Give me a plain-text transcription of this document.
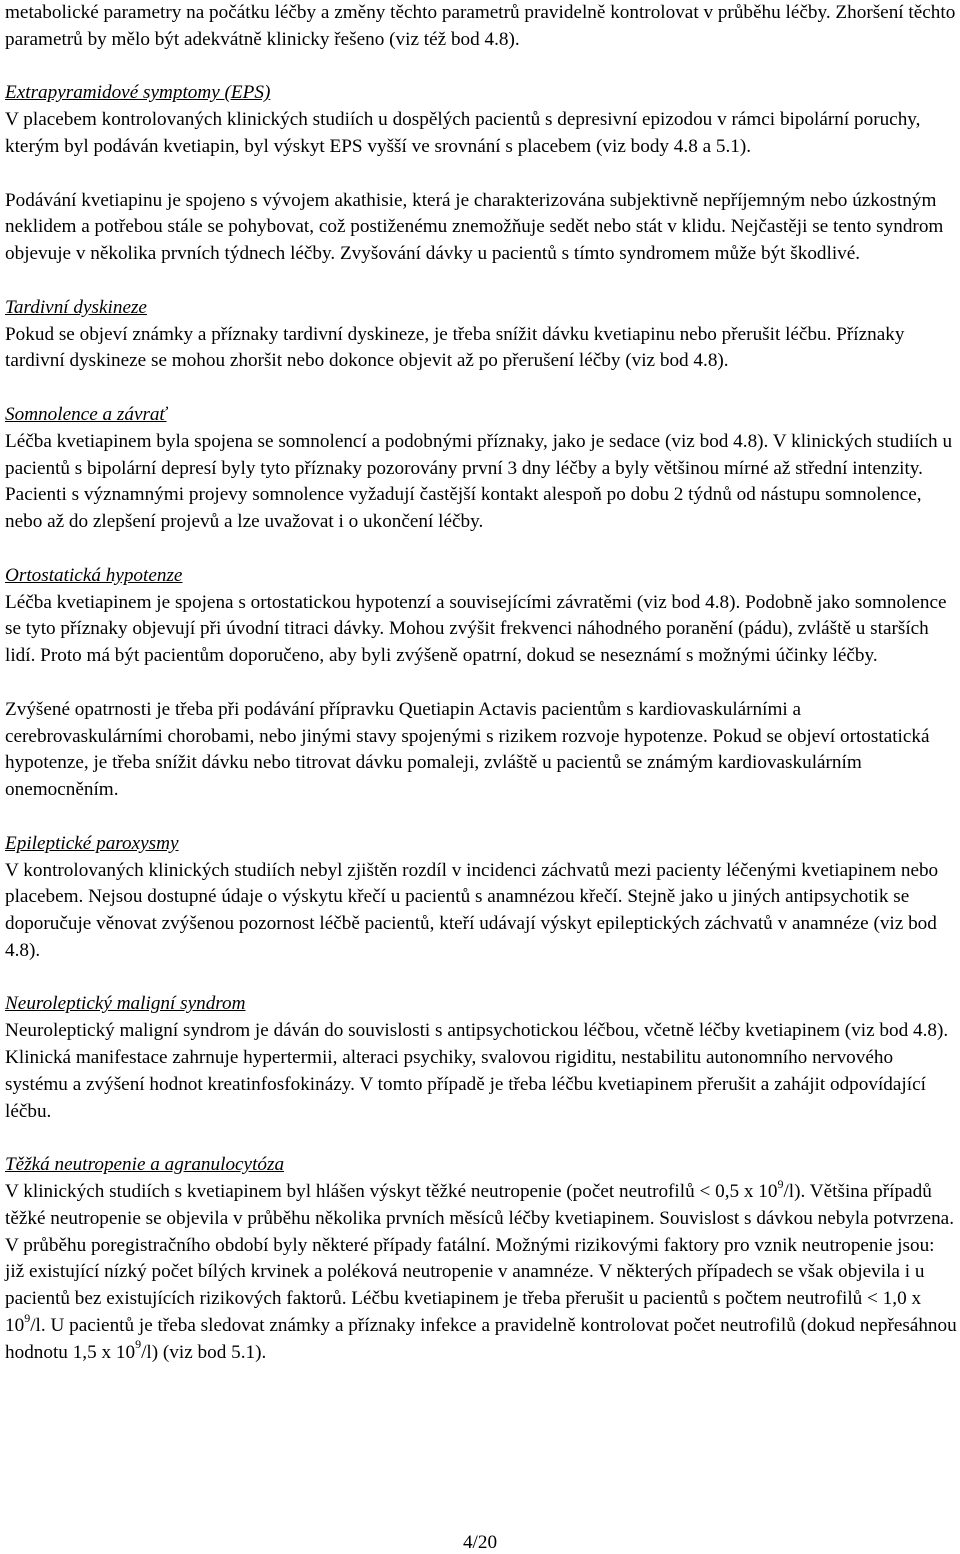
metabolické parametry na počátku léčby a změny těchto parametrů pravidelně kontrolovat v průběhu léčby. Zhoršení těchto parametrů by mělo být adekvátně klinicky řešeno (viz též bod 4.8).

Extrapyramidové symptomy (EPS)

V placebem kontrolovaných klinických studiích u dospělých pacientů s depresivní epizodou v rámci bipolární poruchy, kterým byl podáván kvetiapin, byl výskyt EPS vyšší ve srovnání s placebem (viz body 4.8 a 5.1).

Podávání kvetiapinu je spojeno s vývojem akathisie, která je charakterizována subjektivně nepříjemným nebo úzkostným neklidem a potřebou stále se pohybovat, což postiženému znemožňuje sedět nebo stát v klidu. Nejčastěji se tento syndrom objevuje v několika prvních týdnech léčby. Zvyšování dávky u pacientů s tímto syndromem může být škodlivé.

Tardivní dyskineze

Pokud se objeví známky a příznaky tardivní dyskineze, je třeba snížit dávku kvetiapinu nebo přerušit léčbu. Příznaky tardivní dyskineze se mohou zhoršit nebo dokonce objevit až po přerušení léčby (viz bod 4.8).

Somnolence a závrať

Léčba kvetiapinem byla spojena se somnolencí a podobnými příznaky, jako je sedace (viz bod 4.8). V klinických studiích u pacientů s bipolární depresí byly tyto příznaky pozorovány první 3 dny léčby a byly většinou mírné až střední intenzity. Pacienti s významnými projevy somnolence vyžadují častější kontakt alespoň po dobu 2 týdnů od nástupu somnolence, nebo až do zlepšení projevů a lze uvažovat i o ukončení léčby.

Ortostatická hypotenze

Léčba kvetiapinem je spojena s ortostatickou hypotenzí a souvisejícími závratěmi (viz bod 4.8). Podobně jako somnolence se tyto příznaky objevují při úvodní titraci dávky. Mohou zvýšit frekvenci náhodného poranění (pádu), zvláště u starších lidí. Proto má být pacientům doporučeno, aby byli zvýšeně opatrní, dokud se neseznámí s možnými účinky léčby.

Zvýšené opatrnosti je třeba při podávání přípravku Quetiapin Actavis pacientům s kardiovaskulárními a cerebrovaskulárními chorobami, nebo jinými stavy spojenými s rizikem rozvoje hypotenze. Pokud se objeví ortostatická hypotenze, je třeba snížit dávku nebo titrovat dávku pomaleji, zvláště u pacientů se známým kardiovaskulárním onemocněním.

Epileptické paroxysmy

V kontrolovaných klinických studiích nebyl zjištěn rozdíl v incidenci záchvatů mezi pacienty léčenými kvetiapinem nebo placebem. Nejsou dostupné údaje o výskytu křečí u pacientů s anamnézou křečí. Stejně jako u jiných antipsychotik se doporučuje věnovat zvýšenou pozornost léčbě pacientů, kteří udávají výskyt epileptických záchvatů v anamnéze (viz bod 4.8).

Neuroleptický maligní syndrom

Neuroleptický maligní syndrom je dáván do souvislosti s antipsychotickou léčbou, včetně léčby kvetiapinem (viz bod 4.8). Klinická manifestace zahrnuje hypertermii, alteraci psychiky, svalovou rigiditu, nestabilitu autonomního nervového systému a zvýšení hodnot kreatinfosfokinázy. V tomto případě je třeba léčbu kvetiapinem přerušit a zahájit odpovídající léčbu.

Těžká neutropenie a agranulocytóza

V klinických studiích s kvetiapinem byl hlášen výskyt těžké neutropenie (počet neutrofilů < 0,5 x $10^9/l$). Většina případů těžké neutropenie se objevila v průběhu několika prvních měsíců léčby kvetiapinem. Souvislost s dávkou nebyla potvrzena. V průběhu poregistračního období byly některé případy fatální. Možnými rizikovými faktory pro vznik neutropenie jsou: již existující nízký počet bílých krvinek a poléková neutropenie v anamnéze. V některých případech se však objevila i u pacientů bez existujících rizikových faktorů. Léčbu kvetiapinem je třeba přerušit u pacientů s počtem neutrofilů < 1,0 x $10^9/l$. U pacientů je třeba sledovat známky a příznaky infekce a pravidelně kontrolovat počet neutrofilů (dokud nepřesáhnou hodnotu 1,5 x $10^9/l$) (viz bod 5.1).

4/20
